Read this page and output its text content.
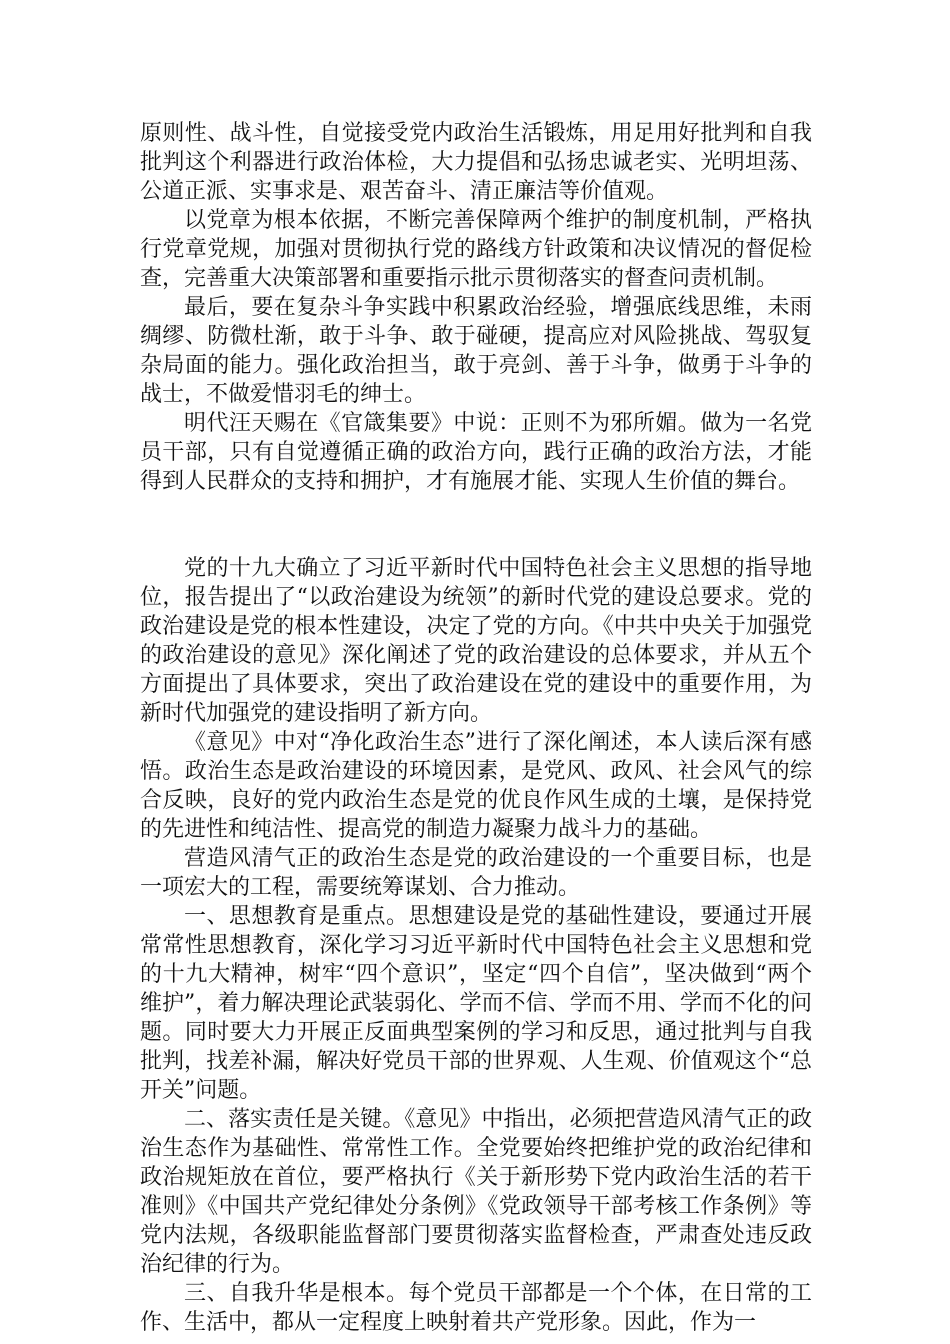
原则性、战斗性，自觉接受党内政治生活锻炼，用足用好批判和自我批判这个利器进行政治体检，大力提倡和弘扬忠诚老实、光明坦荡、公道正派、实事求是、艰苦奋斗、清正廉洁等价值观。

以党章为根本依据，不断完善保障两个维护的制度机制，严格执行党章党规，加强对贯彻执行党的路线方针政策和决议情况的督促检查，完善重大决策部署和重要指示批示贯彻落实的督查问责机制。

最后，要在复杂斗争实践中积累政治经验，增强底线思维，未雨绸缪、防微杜渐，敢于斗争、敢于碰硬，提高应对风险挑战、驾驭复杂局面的能力。强化政治担当，敢于亮剑、善于斗争，做勇于斗争的战士，不做爱惜羽毛的绅士。

明代汪天赐在《官箴集要》中说：正则不为邪所媚。做为一名党员干部，只有自觉遵循正确的政治方向，践行正确的政治方法，才能得到人民群众的支持和拥护，才有施展才能、实现人生价值的舞台。

党的十九大确立了习近平新时代中国特色社会主义思想的指导地位，报告提出了“以政治建设为统领”的新时代党的建设总要求。党的政治建设是党的根本性建设，决定了党的方向。《中共中央关于加强党的政治建设的意见》深化阐述了党的政治建设的总体要求，并从五个方面提出了具体要求，突出了政治建设在党的建设中的重要作用，为新时代加强党的建设指明了新方向。

《意见》中对“净化政治生态”进行了深化阐述，本人读后深有感悟。政治生态是政治建设的环境因素，是党风、政风、社会风气的综合反映，良好的党内政治生态是党的优良作风生成的土壤，是保持党的先进性和纯洁性、提高党的制造力凝聚力战斗力的基础。

营造风清气正的政治生态是党的政治建设的一个重要目标，也是一项宏大的工程，需要统筹谋划、合力推动。

一、思想教育是重点。思想建设是党的基础性建设，要通过开展常常性思想教育，深化学习习近平新时代中国特色社会主义思想和党的十九大精神，树牢“四个意识”，坚定“四个自信”，坚决做到“两个维护”，着力解决理论武装弱化、学而不信、学而不用、学而不化的问题。同时要大力开展正反面典型案例的学习和反思，通过批判与自我批判，找差补漏，解决好党员干部的世界观、人生观、价值观这个“总开关”问题。

二、落实责任是关键。《意见》中指出，必须把营造风清气正的政治生态作为基础性、常常性工作。全党要始终把维护党的政治纪律和政治规矩放在首位，要严格执行《关于新形势下党内政治生活的若干准则》《中国共产党纪律处分条例》《党政领导干部考核工作条例》等党内法规，各级职能监督部门要贯彻落实监督检查，严肃查处违反政治纪律的行为。

三、自我升华是根本。每个党员干部都是一个个体，在日常的工作、生活中，都从一定程度上映射着共产党形象。因此，作为一
